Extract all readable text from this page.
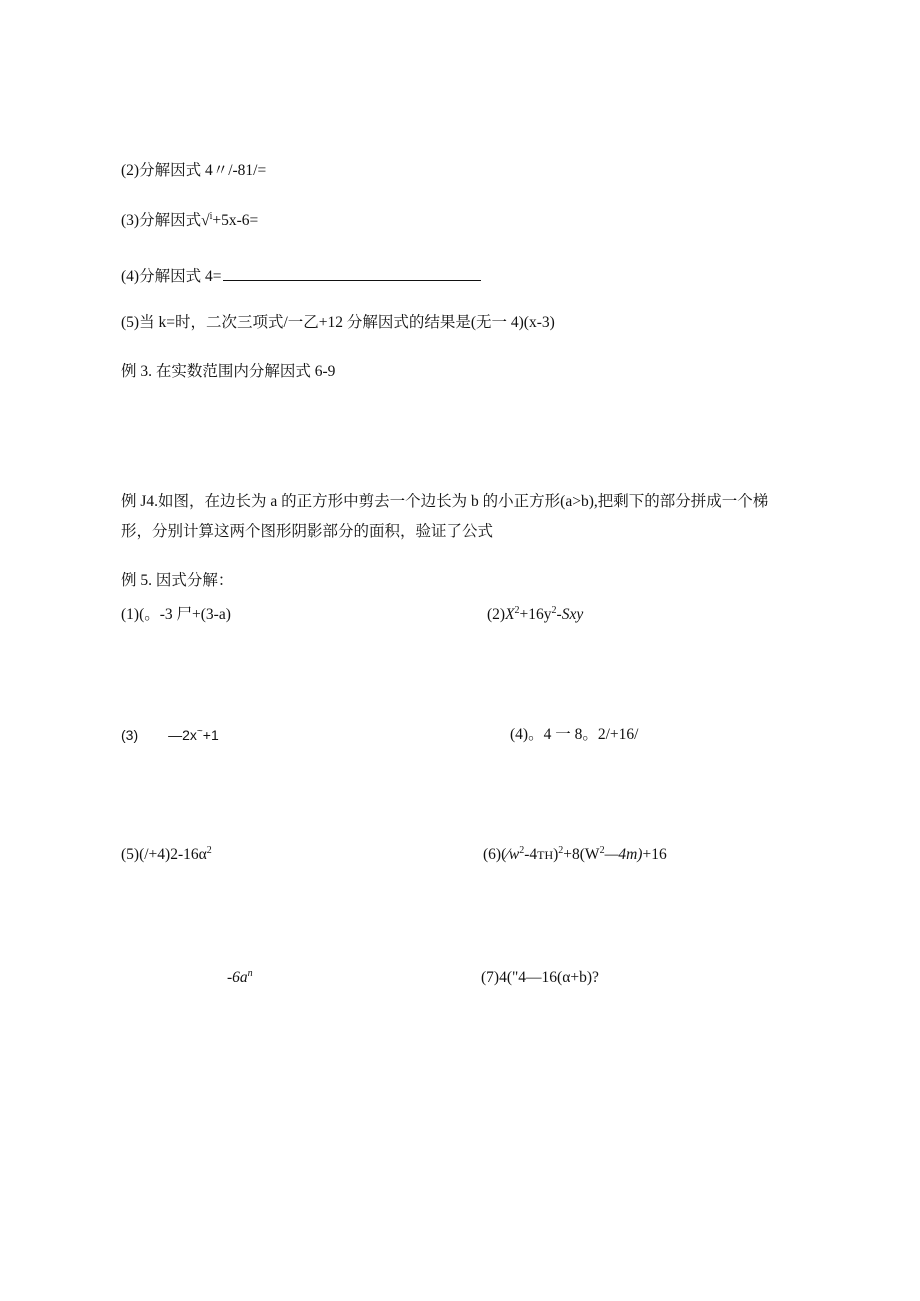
(2)分解因式 4〃/-81/=
(3)分解因式√$^i$+5x-6=
(4)分解因式 4=
(5)当 k=时，二次三项式/一乙+12 分解因式的结果是(无一 4)(x-3)
例 3. 在实数范围内分解因式 6-9
例 J4.如图，在边长为 a 的正方形中剪去一个边长为 b 的小正方形(a>b),把剩下的部分拼成一个梯
形，分别计算这两个图形阴影部分的面积，验证了公式
例 5. 因式分解：
(1)(。-3 尸+(3-a)	$(2)X^2+16y^2$-Sxy
(3) —2x~+1	(4)。4 一 8。2/+16/
$(5)(/+4)2-16\alpha^2$	$(6)(⁄w^2-4TH)^2+8(W^2—4m)+16$
$-6a^n$	(7)4("4—16(α+b)?
